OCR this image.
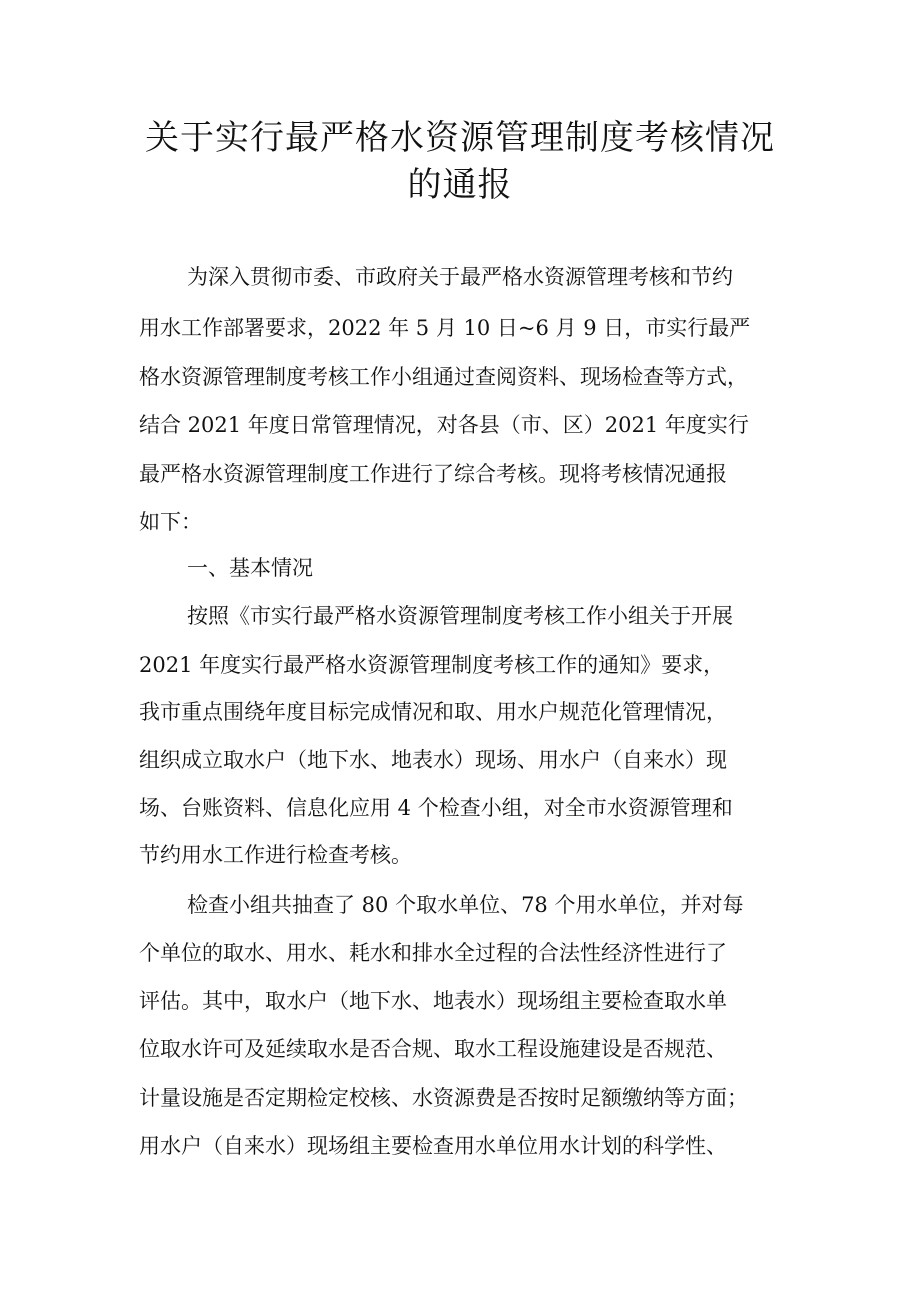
关于实行最严格水资源管理制度考核情况
的通报
为深入贯彻市委、市政府关于最严格水资源管理考核和节约
用水工作部署要求，2022 年 5 月 10 日~6 月 9 日，市实行最严
格水资源管理制度考核工作小组通过查阅资料、现场检查等方式，
结合 2021 年度日常管理情况，对各县（市、区）2021 年度实行
最严格水资源管理制度工作进行了综合考核。现将考核情况通报
如下：
一、基本情况
按照《市实行最严格水资源管理制度考核工作小组关于开展
2021 年度实行最严格水资源管理制度考核工作的通知》要求，
我市重点围绕年度目标完成情况和取、用水户规范化管理情况，
组织成立取水户（地下水、地表水）现场、用水户（自来水）现
场、台账资料、信息化应用 4 个检查小组，对全市水资源管理和
节约用水工作进行检查考核。
检查小组共抽查了 80 个取水单位、78 个用水单位，并对每
个单位的取水、用水、耗水和排水全过程的合法性经济性进行了
评估。其中，取水户（地下水、地表水）现场组主要检查取水单
位取水许可及延续取水是否合规、取水工程设施建设是否规范、
计量设施是否定期检定校核、水资源费是否按时足额缴纳等方面；
用水户（自来水）现场组主要检查用水单位用水计划的科学性、
